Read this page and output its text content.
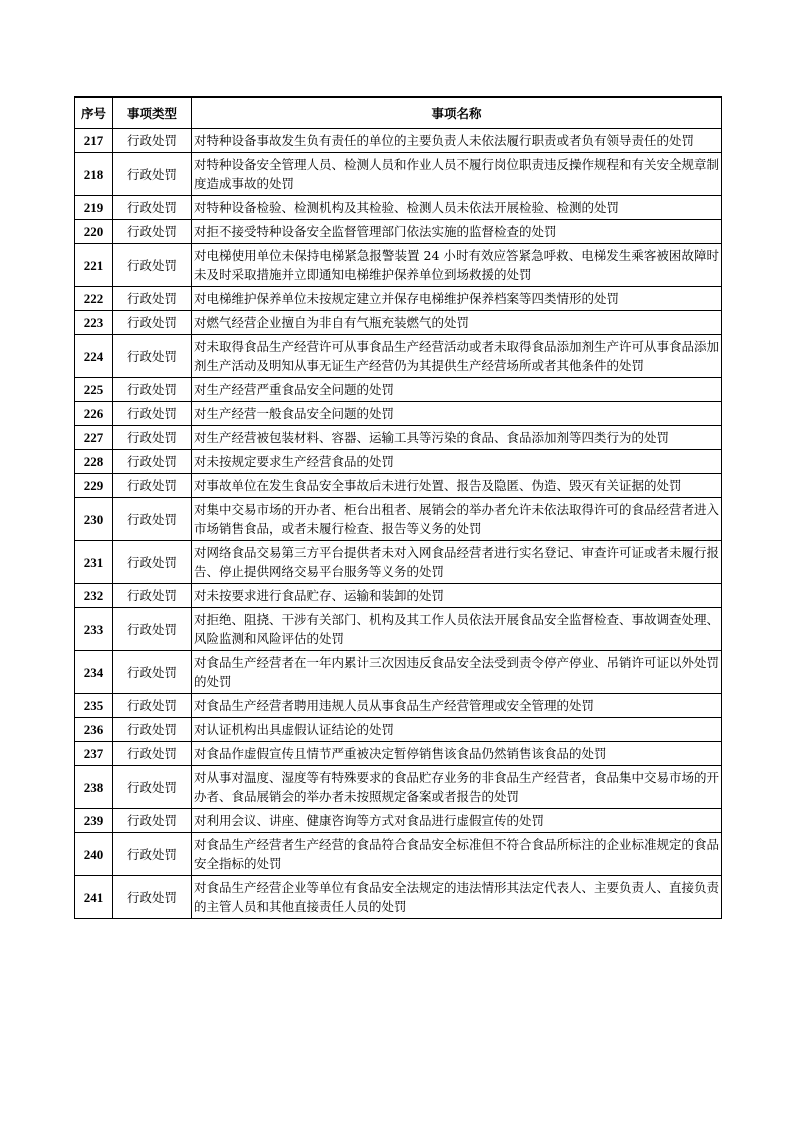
序号	事项类型	事项名称
217	行政处罚	对特种设备事故发生负有责任的单位的主要负责人未依法履行职责或者负有领导责任的处罚
218	行政处罚	对特种设备安全管理人员、检测人员和作业人员不履行岗位职责违反操作规程和有关安全规章制度造成事故的处罚
219	行政处罚	对特种设备检验、检测机构及其检验、检测人员未依法开展检验、检测的处罚
220	行政处罚	对拒不接受特种设备安全监督管理部门依法实施的监督检查的处罚
221	行政处罚	对电梯使用单位未保持电梯紧急报警装置 24 小时有效应答紧急呼救、电梯发生乘客被困故障时未及时采取措施并立即通知电梯维护保养单位到场救援的处罚
222	行政处罚	对电梯维护保养单位未按规定建立并保存电梯维护保养档案等四类情形的处罚
223	行政处罚	对燃气经营企业擅自为非自有气瓶充装燃气的处罚
224	行政处罚	对未取得食品生产经营许可从事食品生产经营活动或者未取得食品添加剂生产许可从事食品添加剂生产活动及明知从事无证生产经营仍为其提供生产经营场所或者其他条件的处罚
225	行政处罚	对生产经营严重食品安全问题的处罚
226	行政处罚	对生产经营一般食品安全问题的处罚
227	行政处罚	对生产经营被包装材料、容器、运输工具等污染的食品、食品添加剂等四类行为的处罚
228	行政处罚	对未按规定要求生产经营食品的处罚
229	行政处罚	对事故单位在发生食品安全事故后未进行处置、报告及隐匿、伪造、毁灭有关证据的处罚
230	行政处罚	对集中交易市场的开办者、柜台出租者、展销会的举办者允许未依法取得许可的食品经营者进入市场销售食品，或者未履行检查、报告等义务的处罚
231	行政处罚	对网络食品交易第三方平台提供者未对入网食品经营者进行实名登记、审查许可证或者未履行报告、停止提供网络交易平台服务等义务的处罚
232	行政处罚	对未按要求进行食品贮存、运输和装卸的处罚
233	行政处罚	对拒绝、阻挠、干涉有关部门、机构及其工作人员依法开展食品安全监督检查、事故调查处理、风险监测和风险评估的处罚
234	行政处罚	对食品生产经营者在一年内累计三次因违反食品安全法受到责令停产停业、吊销许可证以外处罚的处罚
235	行政处罚	对食品生产经营者聘用违规人员从事食品生产经营管理或安全管理的处罚
236	行政处罚	对认证机构出具虚假认证结论的处罚
237	行政处罚	对食品作虚假宣传且情节严重被决定暂停销售该食品仍然销售该食品的处罚
238	行政处罚	对从事对温度、湿度等有特殊要求的食品贮存业务的非食品生产经营者，食品集中交易市场的开办者、食品展销会的举办者未按照规定备案或者报告的处罚
239	行政处罚	对利用会议、讲座、健康咨询等方式对食品进行虚假宣传的处罚
240	行政处罚	对食品生产经营者生产经营的食品符合食品安全标准但不符合食品所标注的企业标准规定的食品安全指标的处罚
241	行政处罚	对食品生产经营企业等单位有食品安全法规定的违法情形其法定代表人、主要负责人、直接负责的主管人员和其他直接责任人员的处罚
